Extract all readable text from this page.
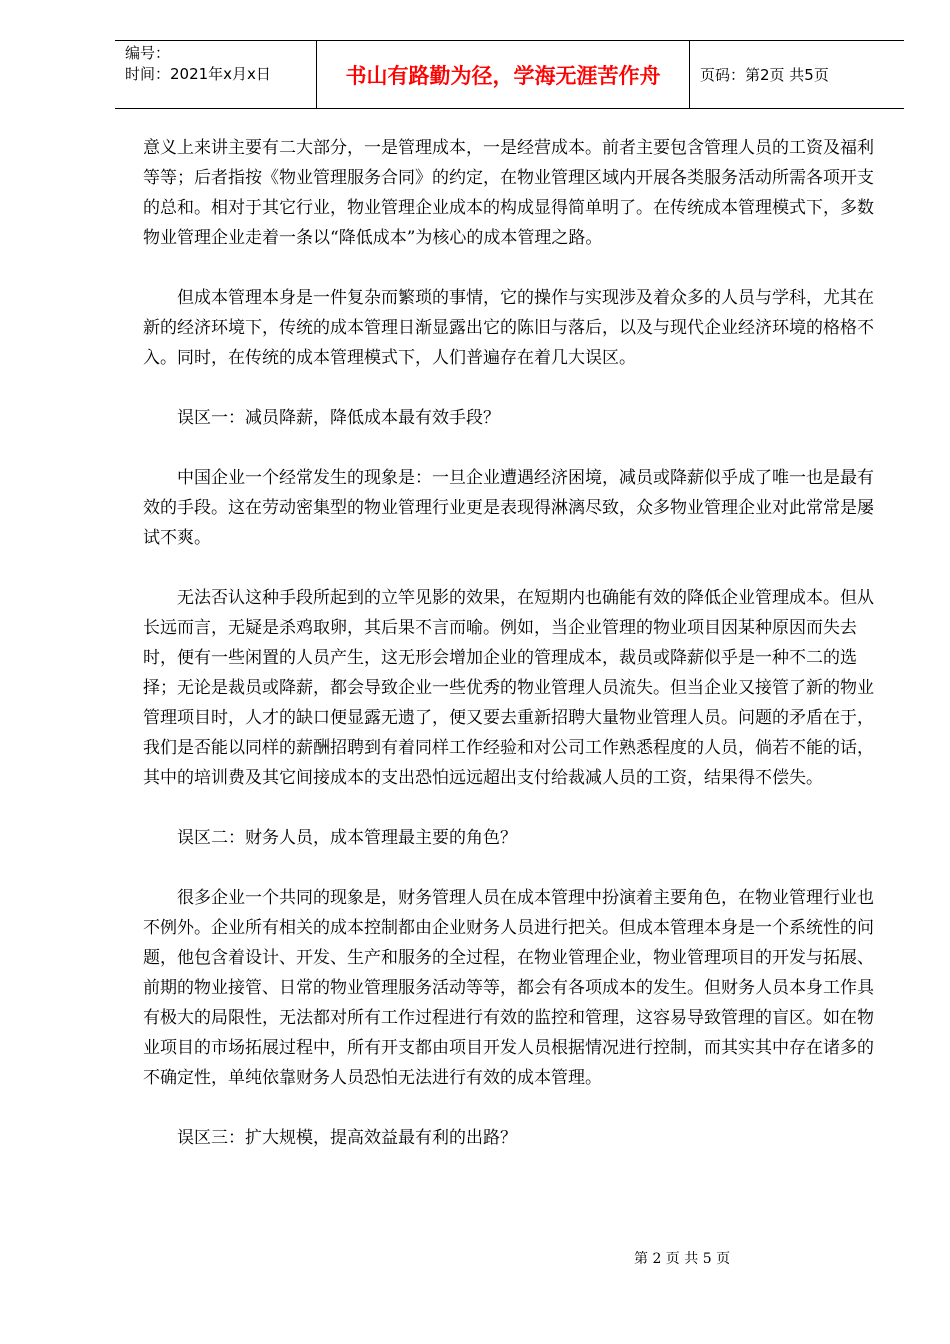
编号：
时间：2021年x月x日	书山有路勤为径，学海无涯苦作舟	页码：第2页 共5页

意义上来讲主要有二大部分，一是管理成本，一是经营成本。前者主要包含管理人员的工资及福利等等；后者指按《物业管理服务合同》的约定，在物业管理区域内开展各类服务活动所需各项开支的总和。相对于其它行业，物业管理企业成本的构成显得简单明了。在传统成本管理模式下，多数物业管理企业走着一条以“降低成本”为核心的成本管理之路。

但成本管理本身是一件复杂而繁琐的事情，它的操作与实现涉及着众多的人员与学科，尤其在新的经济环境下，传统的成本管理日渐显露出它的陈旧与落后，以及与现代企业经济环境的格格不入。同时，在传统的成本管理模式下，人们普遍存在着几大误区。

误区一：减员降薪，降低成本最有效手段？

中国企业一个经常发生的现象是：一旦企业遭遇经济困境，减员或降薪似乎成了唯一也是最有效的手段。这在劳动密集型的物业管理行业更是表现得淋漓尽致，众多物业管理企业对此常常是屡试不爽。

无法否认这种手段所起到的立竿见影的效果，在短期内也确能有效的降低企业管理成本。但从长远而言，无疑是杀鸡取卵，其后果不言而喻。例如，当企业管理的物业项目因某种原因而失去时，便有一些闲置的人员产生，这无形会增加企业的管理成本，裁员或降薪似乎是一种不二的选择；无论是裁员或降薪，都会导致企业一些优秀的物业管理人员流失。但当企业又接管了新的物业管理项目时，人才的缺口便显露无遗了，便又要去重新招聘大量物业管理人员。问题的矛盾在于，我们是否能以同样的薪酬招聘到有着同样工作经验和对公司工作熟悉程度的人员，倘若不能的话，其中的培训费及其它间接成本的支出恐怕远远超出支付给裁减人员的工资，结果得不偿失。

误区二：财务人员，成本管理最主要的角色？

很多企业一个共同的现象是，财务管理人员在成本管理中扮演着主要角色，在物业管理行业也不例外。企业所有相关的成本控制都由企业财务人员进行把关。但成本管理本身是一个系统性的问题，他包含着设计、开发、生产和服务的全过程，在物业管理企业，物业管理项目的开发与拓展、前期的物业接管、日常的物业管理服务活动等等，都会有各项成本的发生。但财务人员本身工作具有极大的局限性，无法都对所有工作过程进行有效的监控和管理，这容易导致管理的盲区。如在物业项目的市场拓展过程中，所有开支都由项目开发人员根据情况进行控制，而其实其中存在诸多的不确定性，单纯依靠财务人员恐怕无法进行有效的成本管理。

误区三：扩大规模，提高效益最有利的出路？

第 2 页 共 5 页
